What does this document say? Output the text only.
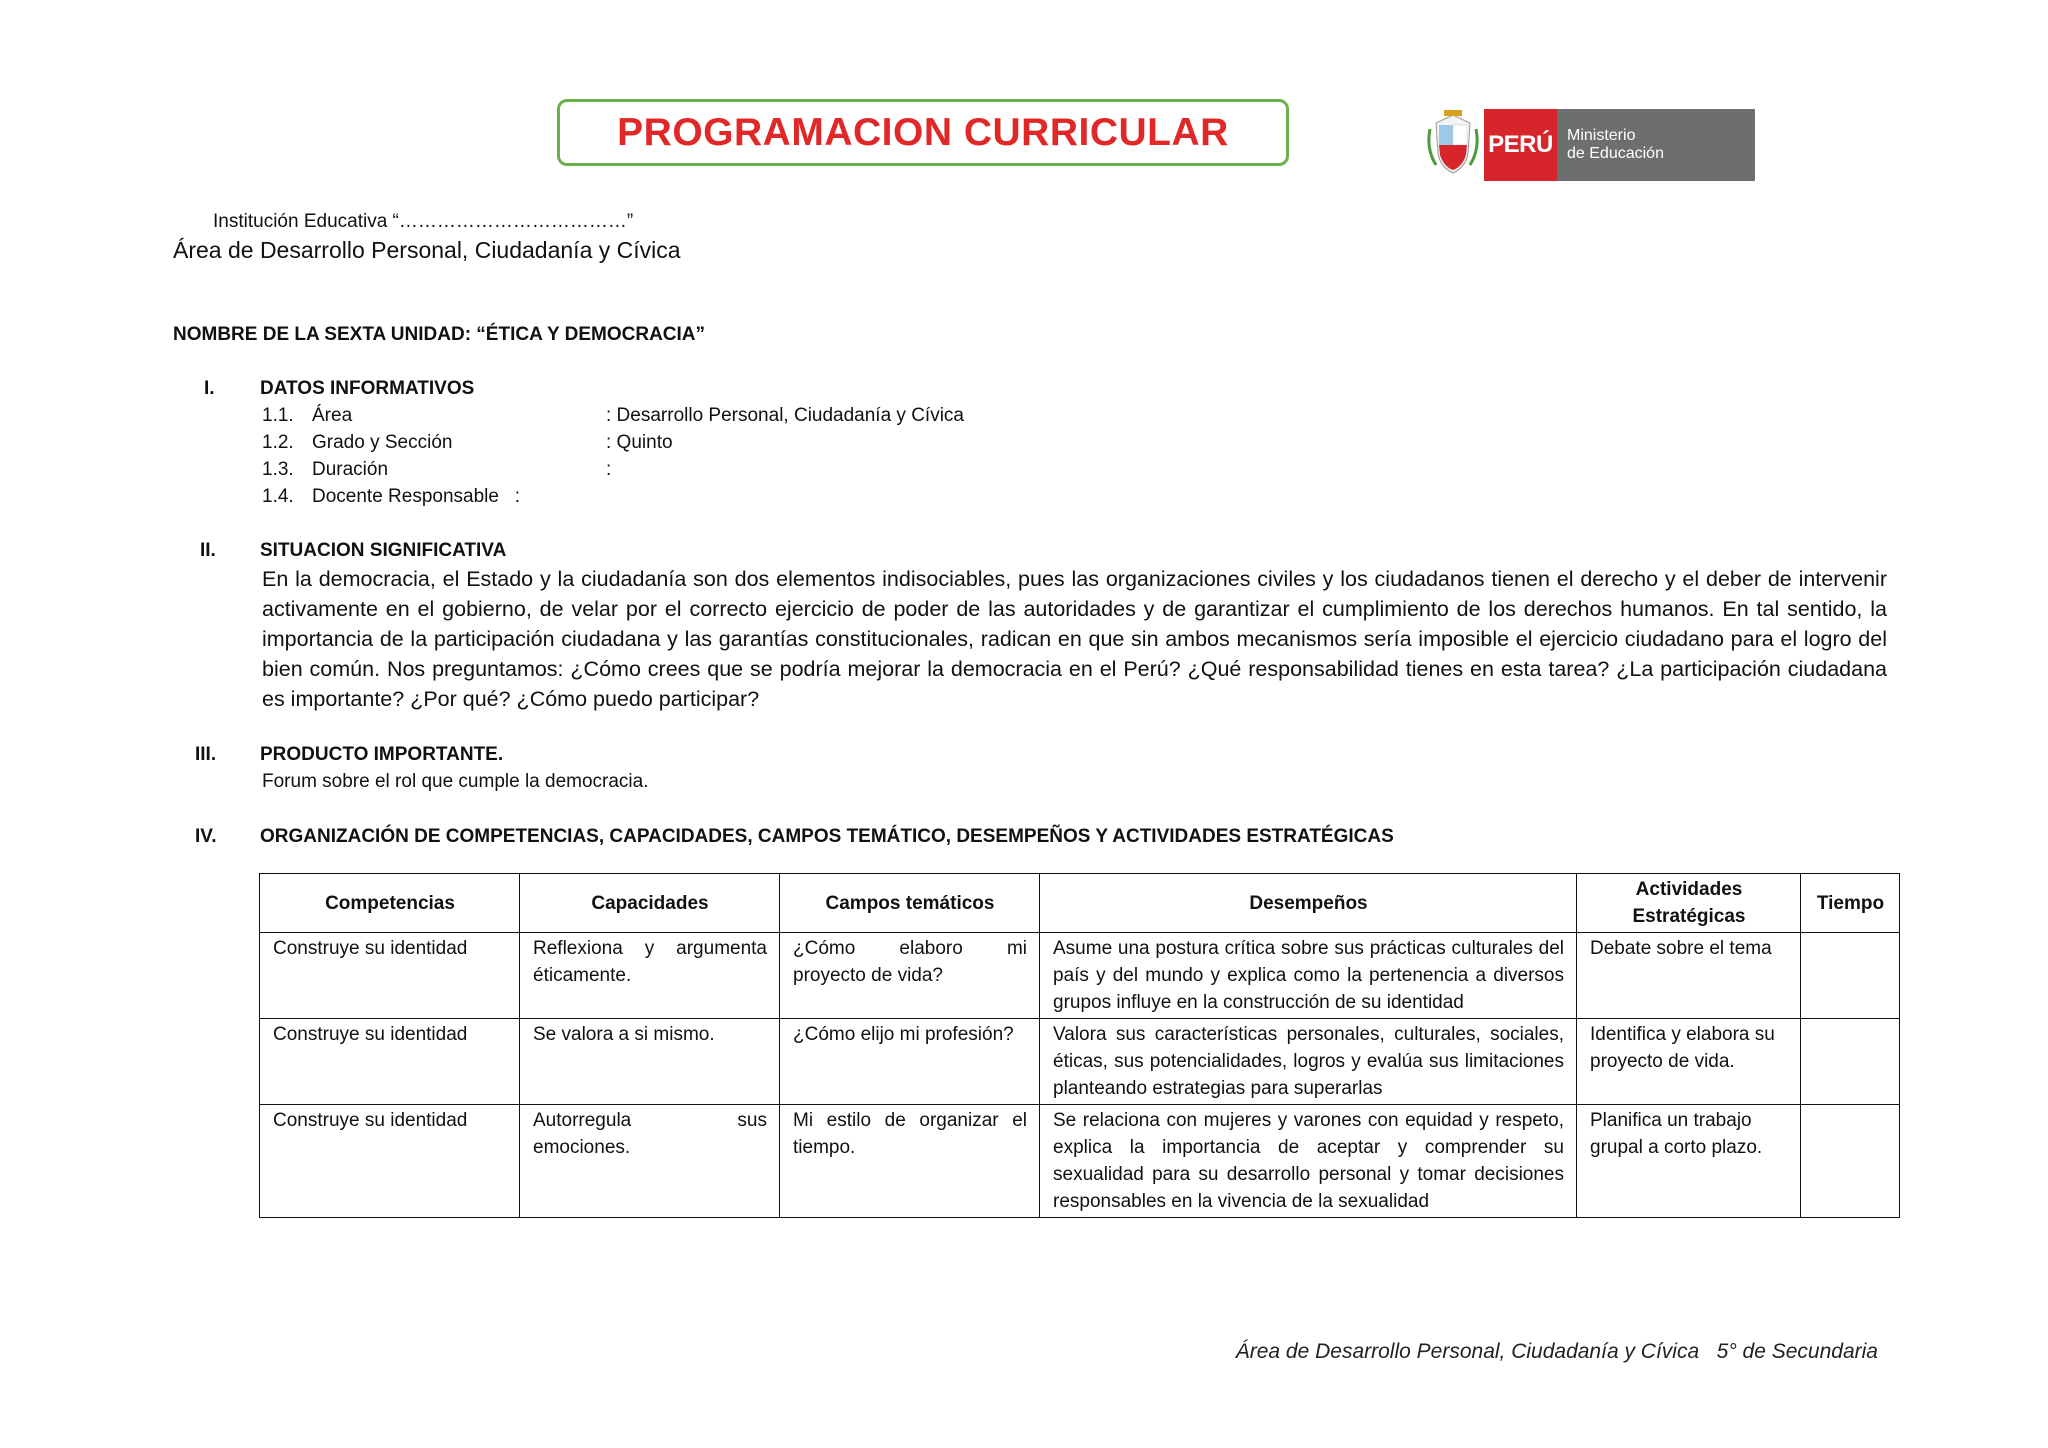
PROGRAMACION CURRICULAR	PERÚ Ministerio
de Educación
Institución Educativa “………………………………”
Área de Desarrollo Personal, Ciudadanía y Cívica
NOMBRE DE LA SEXTA UNIDAD: “ÉTICA Y DEMOCRACIA”
I. DATOS INFORMATIVOS
1.1. Área	: Desarrollo Personal, Ciudadanía y Cívica
1.2. Grado y Sección	: Quinto
1.3. Duración	:
1.4. Docente Responsable   :
II. SITUACION SIGNIFICATIVA
En la democracia, el Estado y la ciudadanía son dos elementos indisociables, pues las organizaciones civiles y los ciudadanos tienen el derecho y el deber de intervenir activamente en el gobierno, de velar por el correcto ejercicio de poder de las autoridades y de garantizar el cumplimiento de los derechos humanos. En tal sentido, la importancia de la participación ciudadana y las garantías constitucionales, radican en que sin ambos mecanismos sería imposible el ejercicio ciudadano para el logro del bien común. Nos preguntamos: ¿Cómo crees que se podría mejorar la democracia en el Perú? ¿Qué responsabilidad tienes en esta tarea? ¿La participación ciudadana es importante? ¿Por qué? ¿Cómo puedo participar?
III. PRODUCTO IMPORTANTE.
Forum sobre el rol que cumple la democracia.
IV. ORGANIZACIÓN DE COMPETENCIAS, CAPACIDADES, CAMPOS TEMÁTICO, DESEMPEÑOS Y ACTIVIDADES ESTRATÉGICAS
Competencias	Capacidades	Campos temáticos	Desempeños	Actividades Estratégicas	Tiempo
Construye su identidad	Reflexiona y argumenta éticamente.	¿Cómo elaboro mi proyecto de vida?	Asume una postura crítica sobre sus prácticas culturales del país y del mundo y explica como la pertenencia a diversos grupos influye en la construcción de su identidad	Debate sobre el tema	
Construye su identidad	Se valora a si mismo.	¿Cómo elijo mi profesión?	Valora sus características personales, culturales, sociales, éticas, sus potencialidades, logros y evalúa sus limitaciones planteando estrategias para superarlas	Identifica y elabora su proyecto de vida.	
Construye su identidad	Autorregula sus emociones.	Mi estilo de organizar el tiempo.	Se relaciona con mujeres y varones con equidad y respeto, explica la importancia de aceptar y comprender su sexualidad para su desarrollo personal y tomar decisiones responsables en la vivencia de la sexualidad	Planifica un trabajo grupal a corto plazo.	
Área de Desarrollo Personal, Ciudadanía y Cívica   5° de Secundaria
